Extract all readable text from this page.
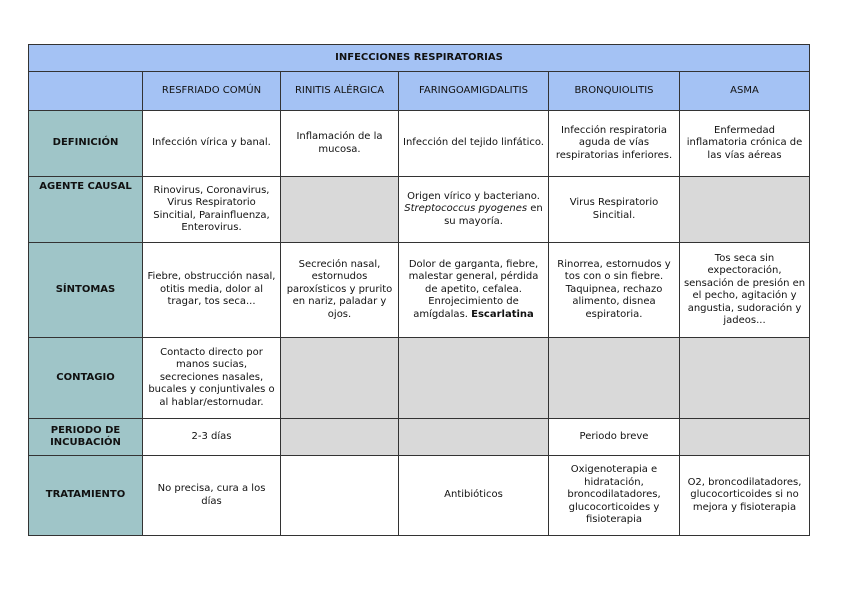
INFECCIONES RESPIRATORIAS					
	RESFRIADO COMÚN	RINITIS ALÉRGICA	FARINGOAMIGDALITIS	BRONQUIOLITIS	ASMA
DEFINICIÓN	Infección vírica y banal.	Inflamación de la mucosa.	Infección del tejido linfático.	Infección respiratoria aguda de vías respiratorias inferiores.	Enfermedad inflamatoria crónica de las vías aéreas
AGENTE CAUSAL	Rinovirus, Coronavirus, Virus Respiratorio Sincitial, Parainfluenza, Enterovirus.		Origen vírico y bacteriano. Streptococcus pyogenes en su mayoría.	Virus Respiratorio Sincitial.	
SÍNTOMAS	Fiebre, obstrucción nasal, otitis media, dolor al tragar, tos seca...	Secreción nasal, estornudos paroxísticos y prurito en nariz, paladar y ojos.	Dolor de garganta, fiebre, malestar general, pérdida de apetito, cefalea. Enrojecimiento de amígdalas. Escarlatina	Rinorrea, estornudos y tos con o sin fiebre. Taquipnea, rechazo alimento, disnea espiratoria.	Tos seca sin expectoración, sensación de presión en el pecho, agitación y angustia, sudoración y jadeos...
CONTAGIO	Contacto directo por manos sucias, secreciones nasales, bucales y conjuntivales o al hablar/estornudar.				
PERIODO DE INCUBACIÓN	2-3 días			Periodo breve	
TRATAMIENTO	No precisa, cura a los días		Antibióticos	Oxigenoterapia e hidratación, broncodilatadores, glucocorticoides y fisioterapia	O2, broncodilatadores, glucocorticoides si no mejora y fisioterapia
